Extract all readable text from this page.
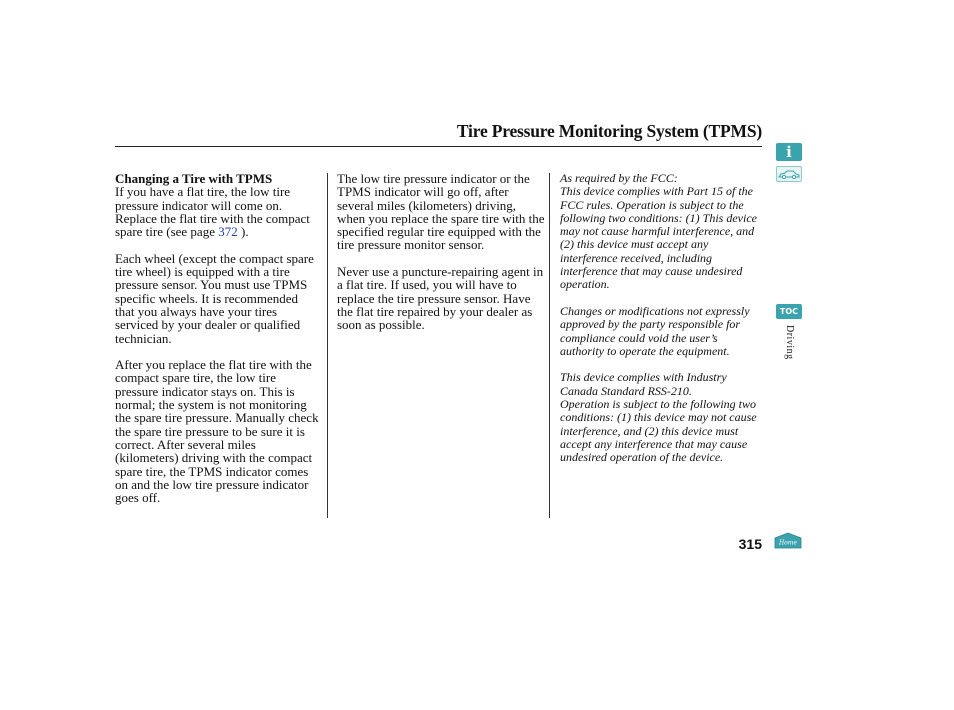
Tire Pressure Monitoring System (TPMS)

Changing a Tire with TPMS
If you have a flat tire, the low tire pressure indicator will come on. Replace the flat tire with the compact spare tire (see page 372 ).

Each wheel (except the compact spare tire wheel) is equipped with a tire pressure sensor. You must use TPMS specific wheels. It is recommended that you always have your tires serviced by your dealer or qualified technician.

After you replace the flat tire with the compact spare tire, the low tire pressure indicator stays on. This is normal; the system is not monitoring the spare tire pressure. Manually check the spare tire pressure to be sure it is correct. After several miles (kilometers) driving with the compact spare tire, the TPMS indicator comes on and the low tire pressure indicator goes off.

The low tire pressure indicator or the TPMS indicator will go off, after several miles (kilometers) driving, when you replace the spare tire with the specified regular tire equipped with the tire pressure monitor sensor.

Never use a puncture-repairing agent in a flat tire. If used, you will have to replace the tire pressure sensor. Have the flat tire repaired by your dealer as soon as possible.

As required by the FCC:
This device complies with Part 15 of the FCC rules. Operation is subject to the following two conditions: (1) This device may not cause harmful interference, and (2) this device must accept any interference received, including interference that may cause undesired operation.

Changes or modifications not expressly approved by the party responsible for compliance could void the user’s authority to operate the equipment.

This device complies with Industry Canada Standard RSS-210.
Operation is subject to the following two conditions: (1) this device may not cause interference, and (2) this device must accept any interference that may cause undesired operation of the device.

315
i
TOC
Driving
Home
